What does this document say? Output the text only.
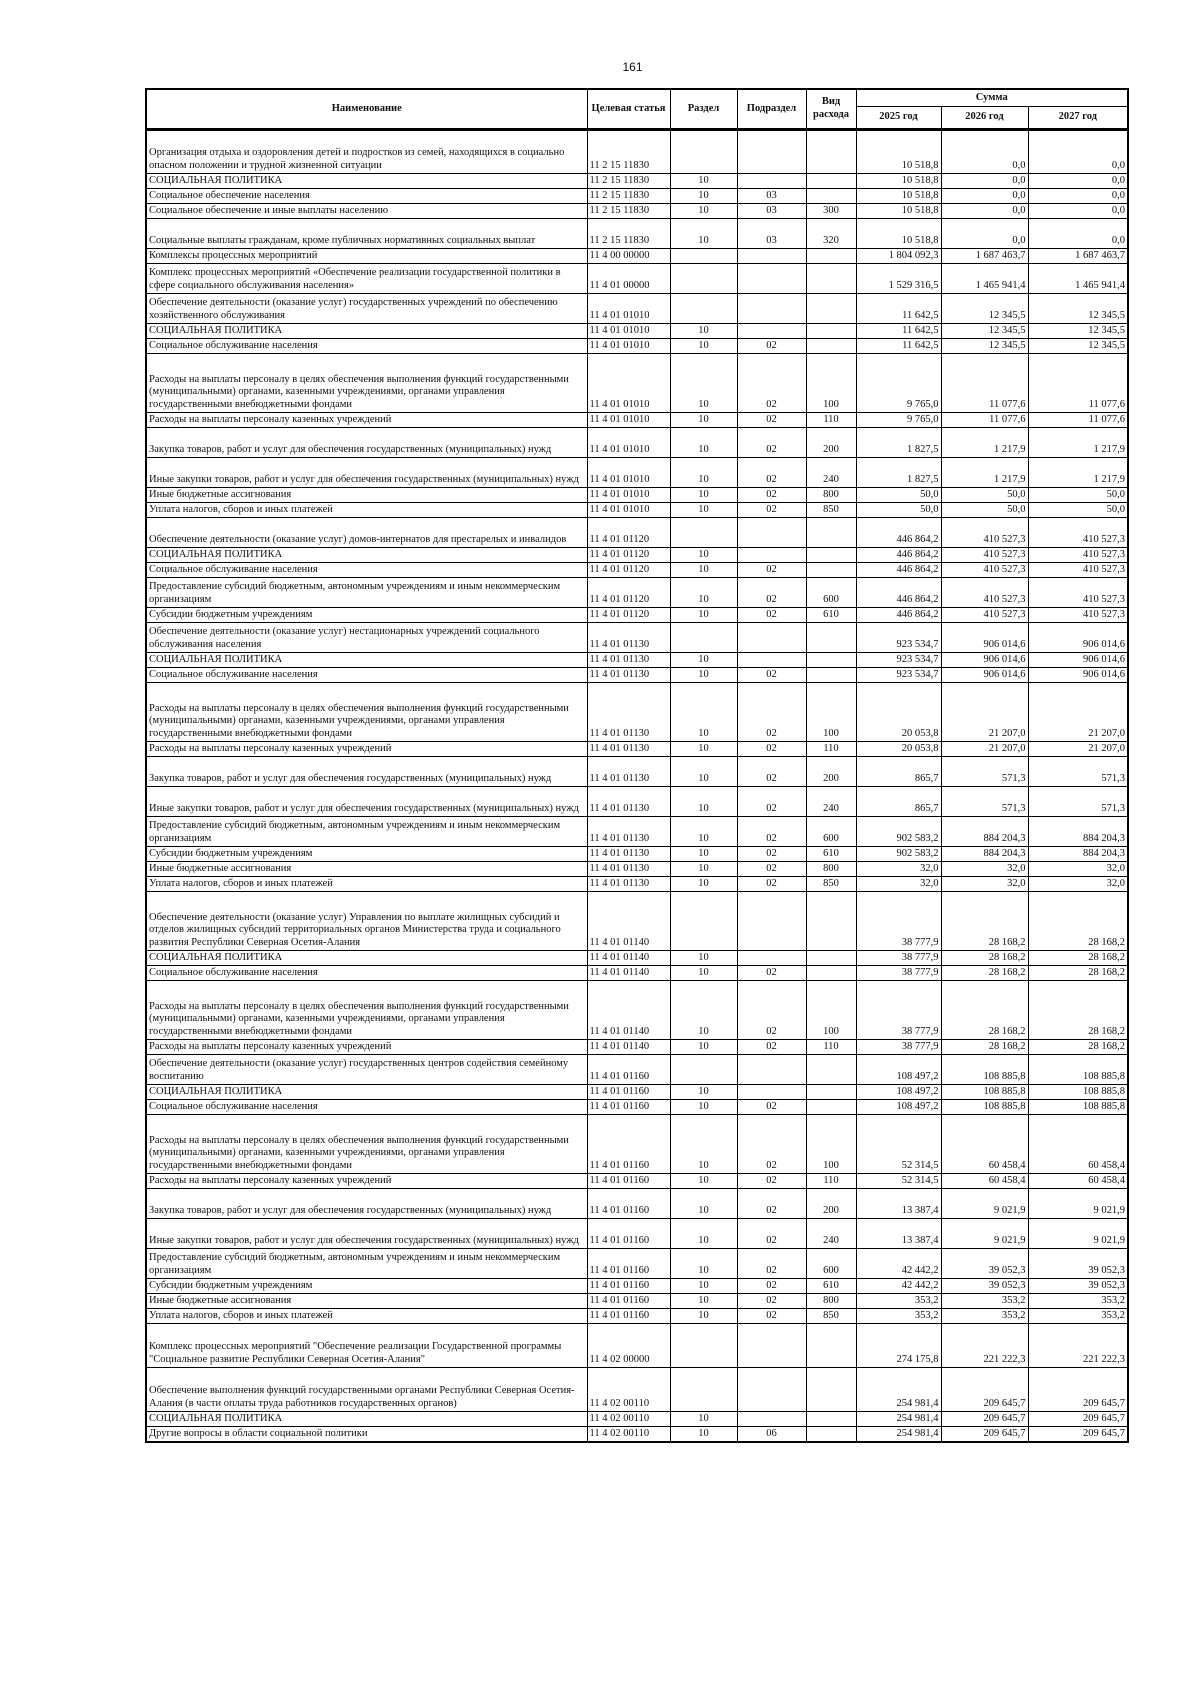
161
Наименование	Целевая статья	Раздел	Подраздел	Вид расхода	Сумма		
					2025 год	2026 год	2027 год
Организация отдыха и оздоровления детей и подростков из семей, находящихся в социально опасном положении и трудной жизненной ситуации	11 2 15 11830				10 518,8	0,0	0,0
СОЦИАЛЬНАЯ ПОЛИТИКА	11 2 15 11830	10			10 518,8	0,0	0,0
Социальное обеспечение населения	11 2 15 11830	10	03		10 518,8	0,0	0,0
Социальное обеспечение и иные выплаты населению	11 2 15 11830	10	03	300	10 518,8	0,0	0,0
Социальные выплаты гражданам, кроме публичных нормативных социальных выплат	11 2 15 11830	10	03	320	10 518,8	0,0	0,0
Комплексы процессных мероприятий	11 4 00 00000				1 804 092,3	1 687 463,7	1 687 463,7
Комплекс процессных мероприятий «Обеспечение реализации государственной политики в сфере социального обслуживания населения»	11 4 01 00000				1 529 316,5	1 465 941,4	1 465 941,4
Обеспечение деятельности (оказание услуг) государственных учреждений по обеспечению хозяйственного обслуживания	11 4 01 01010				11 642,5	12 345,5	12 345,5
СОЦИАЛЬНАЯ ПОЛИТИКА	11 4 01 01010	10			11 642,5	12 345,5	12 345,5
Социальное обслуживание населения	11 4 01 01010	10	02		11 642,5	12 345,5	12 345,5
Расходы на выплаты персоналу в целях обеспечения выполнения функций государственными (муниципальными) органами, казенными учреждениями, органами управления государственными внебюджетными фондами	11 4 01 01010	10	02	100	9 765,0	11 077,6	11 077,6
Расходы на выплаты персоналу казенных учреждений	11 4 01 01010	10	02	110	9 765,0	11 077,6	11 077,6
Закупка товаров, работ и услуг для обеспечения государственных (муниципальных) нужд	11 4 01 01010	10	02	200	1 827,5	1 217,9	1 217,9
Иные закупки товаров, работ и услуг для обеспечения государственных (муниципальных) нужд	11 4 01 01010	10	02	240	1 827,5	1 217,9	1 217,9
Иные бюджетные ассигнования	11 4 01 01010	10	02	800	50,0	50,0	50,0
Уплата налогов, сборов и иных платежей	11 4 01 01010	10	02	850	50,0	50,0	50,0
Обеспечение деятельности (оказание услуг) домов-интернатов для престарелых и инвалидов	11 4 01 01120				446 864,2	410 527,3	410 527,3
СОЦИАЛЬНАЯ ПОЛИТИКА	11 4 01 01120	10			446 864,2	410 527,3	410 527,3
Социальное обслуживание населения	11 4 01 01120	10	02		446 864,2	410 527,3	410 527,3
Предоставление субсидий бюджетным, автономным учреждениям и иным некоммерческим организациям	11 4 01 01120	10	02	600	446 864,2	410 527,3	410 527,3
Субсидии бюджетным учреждениям	11 4 01 01120	10	02	610	446 864,2	410 527,3	410 527,3
Обеспечение деятельности (оказание услуг) нестационарных учреждений социального обслуживания населения	11 4 01 01130				923 534,7	906 014,6	906 014,6
СОЦИАЛЬНАЯ ПОЛИТИКА	11 4 01 01130	10			923 534,7	906 014,6	906 014,6
Социальное обслуживание населения	11 4 01 01130	10	02		923 534,7	906 014,6	906 014,6
Расходы на выплаты персоналу в целях обеспечения выполнения функций государственными (муниципальными) органами, казенными учреждениями, органами управления государственными внебюджетными фондами	11 4 01 01130	10	02	100	20 053,8	21 207,0	21 207,0
Расходы на выплаты персоналу казенных учреждений	11 4 01 01130	10	02	110	20 053,8	21 207,0	21 207,0
Закупка товаров, работ и услуг для обеспечения государственных (муниципальных) нужд	11 4 01 01130	10	02	200	865,7	571,3	571,3
Иные закупки товаров, работ и услуг для обеспечения государственных (муниципальных) нужд	11 4 01 01130	10	02	240	865,7	571,3	571,3
Предоставление субсидий бюджетным, автономным учреждениям и иным некоммерческим организациям	11 4 01 01130	10	02	600	902 583,2	884 204,3	884 204,3
Субсидии бюджетным учреждениям	11 4 01 01130	10	02	610	902 583,2	884 204,3	884 204,3
Иные бюджетные ассигнования	11 4 01 01130	10	02	800	32,0	32,0	32,0
Уплата налогов, сборов и иных платежей	11 4 01 01130	10	02	850	32,0	32,0	32,0
Обеспечение деятельности (оказание услуг) Управления по выплате жилищных субсидий и отделов жилищных субсидий территориальных органов Министерства труда и социального развития Республики Северная Осетия-Алания	11 4 01 01140				38 777,9	28 168,2	28 168,2
СОЦИАЛЬНАЯ ПОЛИТИКА	11 4 01 01140	10			38 777,9	28 168,2	28 168,2
Социальное обслуживание населения	11 4 01 01140	10	02		38 777,9	28 168,2	28 168,2
Расходы на выплаты персоналу в целях обеспечения выполнения функций государственными (муниципальными) органами, казенными учреждениями, органами управления государственными внебюджетными фондами	11 4 01 01140	10	02	100	38 777,9	28 168,2	28 168,2
Расходы на выплаты персоналу казенных учреждений	11 4 01 01140	10	02	110	38 777,9	28 168,2	28 168,2
Обеспечение деятельности (оказание услуг) государственных центров содействия семейному воспитанию	11 4 01 01160				108 497,2	108 885,8	108 885,8
СОЦИАЛЬНАЯ ПОЛИТИКА	11 4 01 01160	10			108 497,2	108 885,8	108 885,8
Социальное обслуживание населения	11 4 01 01160	10	02		108 497,2	108 885,8	108 885,8
Расходы на выплаты персоналу в целях обеспечения выполнения функций государственными (муниципальными) органами, казенными учреждениями, органами управления государственными внебюджетными фондами	11 4 01 01160	10	02	100	52 314,5	60 458,4	60 458,4
Расходы на выплаты персоналу казенных учреждений	11 4 01 01160	10	02	110	52 314,5	60 458,4	60 458,4
Закупка товаров, работ и услуг для обеспечения государственных (муниципальных) нужд	11 4 01 01160	10	02	200	13 387,4	9 021,9	9 021,9
Иные закупки товаров, работ и услуг для обеспечения государственных (муниципальных) нужд	11 4 01 01160	10	02	240	13 387,4	9 021,9	9 021,9
Предоставление субсидий бюджетным, автономным учреждениям и иным некоммерческим организациям	11 4 01 01160	10	02	600	42 442,2	39 052,3	39 052,3
Субсидии бюджетным учреждениям	11 4 01 01160	10	02	610	42 442,2	39 052,3	39 052,3
Иные бюджетные ассигнования	11 4 01 01160	10	02	800	353,2	353,2	353,2
Уплата налогов, сборов и иных платежей	11 4 01 01160	10	02	850	353,2	353,2	353,2
Комплекс процессных мероприятий "Обеспечение реализации Государственной программы "Социальное развитие Республики Северная Осетия-Алания"	11 4 02 00000				274 175,8	221 222,3	221 222,3
Обеспечение выполнения функций государственными органами Республики Северная Осетия-Алания (в части оплаты труда работников государственных органов)	11 4 02 00110				254 981,4	209 645,7	209 645,7
СОЦИАЛЬНАЯ ПОЛИТИКА	11 4 02 00110	10			254 981,4	209 645,7	209 645,7
Другие вопросы в области социальной политики	11 4 02 00110	10	06		254 981,4	209 645,7	209 645,7
